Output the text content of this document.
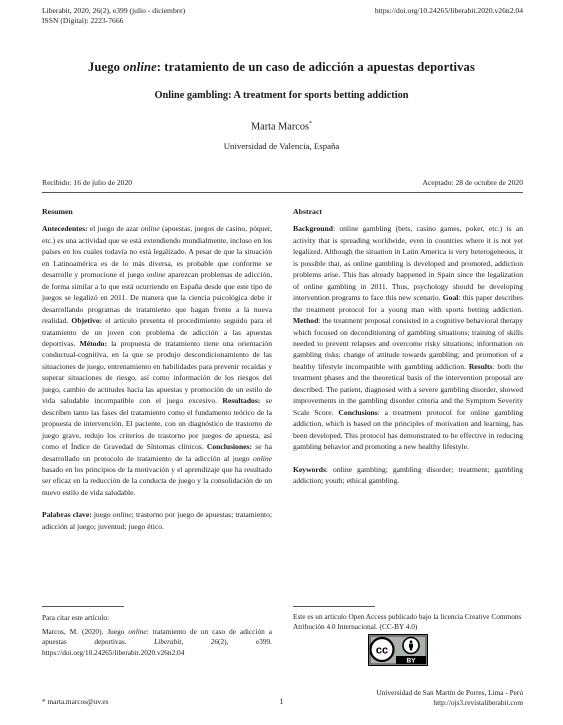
Liberabit, 2020, 26(2), e399 (julio - diciembre)
ISSN (Digital): 2223-7666
https://doi.org/10.24265/liberabit.2020.v26n2.04
Juego online: tratamiento de un caso de adicción a apuestas deportivas
Online gambling: A treatment for sports betting addiction
Marta Marcos*
Universidad de Valencia, España
Recibido: 16 de julio de 2020	Aceptado: 28 de octubre de 2020
Resumen

Antecedentes: el juego de azar online (apuestas, juegos de casino, póquer, etc.) es una actividad que se está extendiendo mundialmente, incluso en los países en los cuales todavía no está legalizado. A pesar de que la situación en Latinoamérica es de lo más diversa, es probable que conforme se desarrolle y promocione el juego online aparezcan problemas de adicción, de forma similar a lo que está ocurriendo en España desde que este tipo de juegos se legalizó en 2011. De manera que la ciencia psicológica debe ir desarrollando programas de tratamiento que hagan frente a la nueva realidad. Objetivo: el artículo presenta el procedimiento seguido para el tratamiento de un joven con problema de adicción a las apuestas deportivas. Método: la propuesta de tratamiento tiene una orientación conductual-cognitiva, en la que se produjo descondicionamiento de las situaciones de juego, entrenamiento en habilidades para prevenir recaídas y superar situaciones de riesgo, así como información de los riesgos del juego, cambio de actitudes hacia las apuestas y promoción de un estilo de vida saludable incompatible con el juego excesivo. Resultados: se describen tanto las fases del tratamiento como el fundamento teórico de la propuesta de intervención. El paciente, con un diagnóstico de trastorno de juego grave, redujo los criterios de trastorno por juegos de apuesta, así como el Índice de Gravedad de Síntomas clínicos. Conclusiones: se ha desarrollado un protocolo de tratamiento de la adicción al juego online basado en los principios de la motivación y el aprendizaje que ha resultado ser eficaz en la reducción de la conducta de juego y la consolidación de un nuevo estilo de vida saludable.

Palabras clave: juego online; trastorno por juego de apuestas; tratamiento; adicción al juego; juventud; juego ético.

Abstract

Background: online gambling (bets, casino games, poker, etc.) is an activity that is spreading worldwide, even in countries where it is not yet legalized. Although the situation in Latin America is very heterogeneous, it is possible that, as online gambling is developed and promoted, addiction problems arise. This has already happened in Spain since the legalization of online gambling in 2011. Thus, psychology should be developing intervention programs to face this new scenario. Goal: this paper describes the treatment protocol for a young man with sports betting addiction. Method: the treatment proposal consisted in a cognitive behavioral therapy which focused on deconditioning of gambling situations; training of skills needed to prevent relapses and overcome risky situations; information on gambling risks; change of attitude towards gambling; and promotion of a healthy lifestyle incompatible with gambling addiction. Results: both the treatment phases and the theoretical basis of the intervention proposal are described. The patient, diagnosed with a severe gambling disorder, showed improvements in the gambling disorder criteria and the Symptom Severity Scale Score. Conclusions: a treatment protocol for online gambling addiction, which is based on the principles of motivation and learning, has been developed. This protocol has demonstrated to be effective in reducing gambling behavior and promoting a new healthy lifestyle.

Keywords: online gambling; gambling disorder; treatment; gambling addiction; youth; ethical gambling.

Para citar este artículo:
Marcos, M. (2020). Juego online: tratamiento de un caso de adicción a apuestas deportivas. Liberabit, 26(2), e399. https://doi.org/10.24265/liberabit.2020.v26n2.04
Este es un artículo Open Access publicado bajo la licencia Creative Commons Atribución 4.0 Internacional. (CC-BY 4.0)
BY
cc
* marta.marcos@uv.es	1
Universidad de San Martín de Porres, Lima - Perú
http://ojs3.revistaliberabit.com
